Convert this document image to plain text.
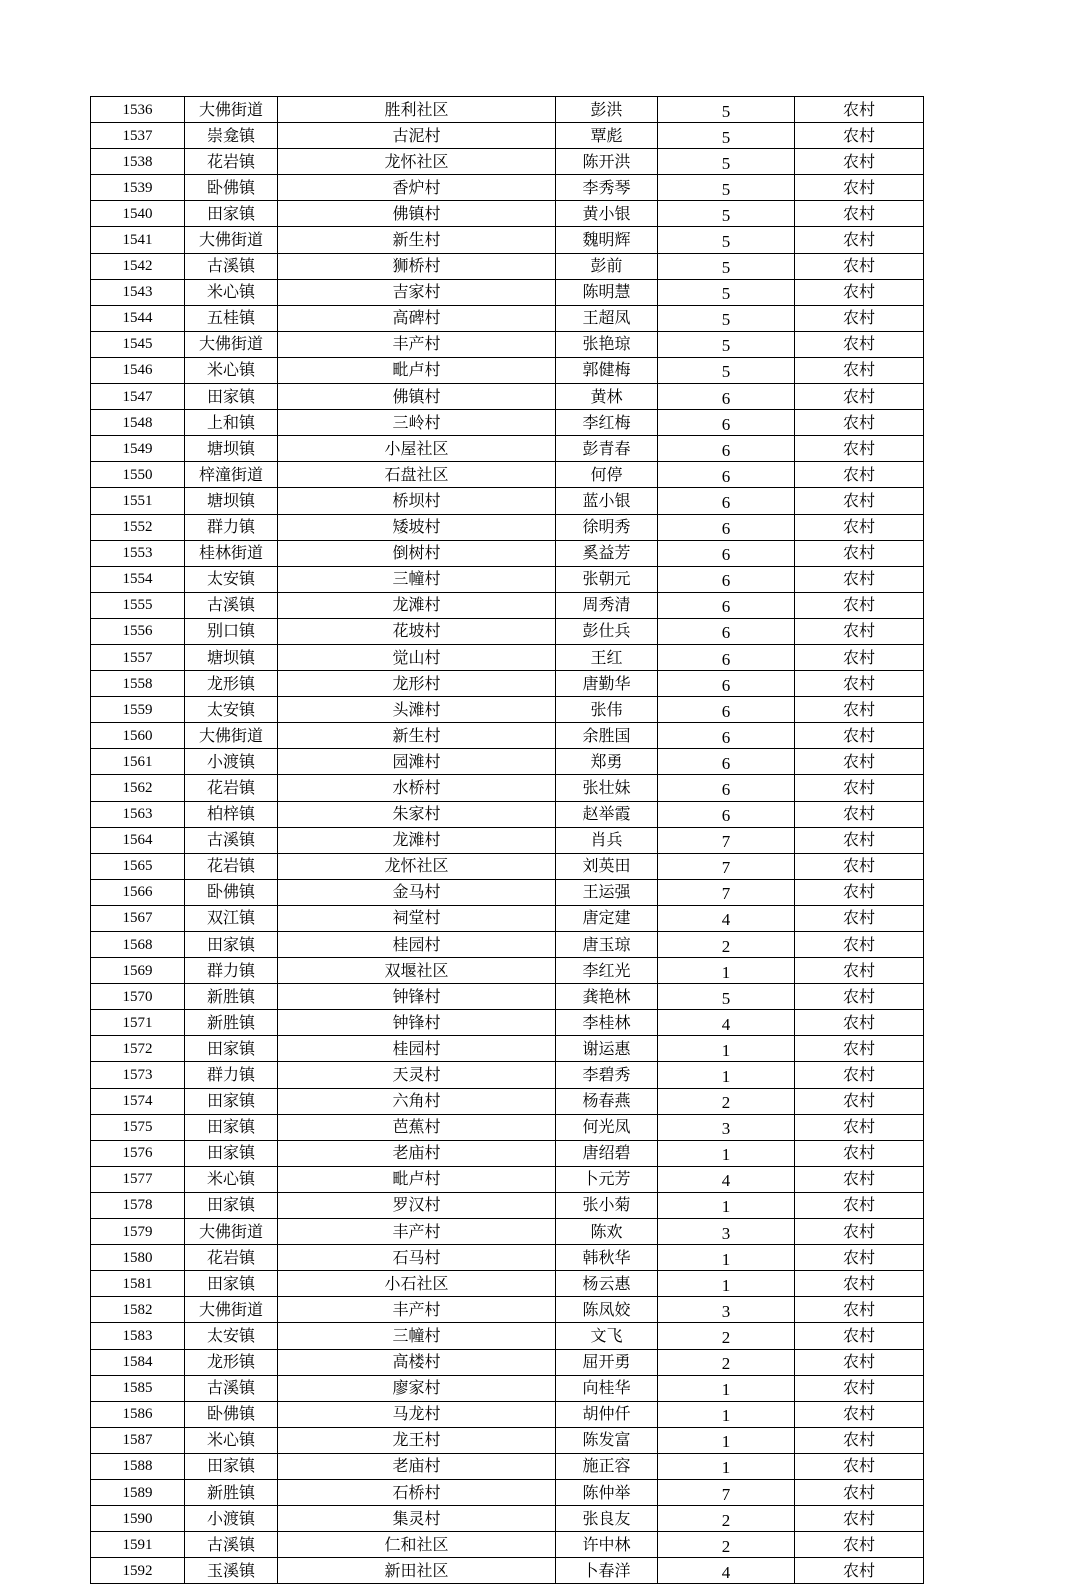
1536	大佛街道	胜利社区	彭洪	5	农村
1537	崇龛镇	古泥村	覃彪	5	农村
1538	花岩镇	龙怀社区	陈开洪	5	农村
1539	卧佛镇	香炉村	李秀琴	5	农村
1540	田家镇	佛镇村	黄小银	5	农村
1541	大佛街道	新生村	魏明辉	5	农村
1542	古溪镇	狮桥村	彭前	5	农村
1543	米心镇	吉家村	陈明慧	5	农村
1544	五桂镇	高碑村	王超凤	5	农村
1545	大佛街道	丰产村	张艳琼	5	农村
1546	米心镇	毗卢村	郭健梅	5	农村
1547	田家镇	佛镇村	黄林	6	农村
1548	上和镇	三岭村	李红梅	6	农村
1549	塘坝镇	小屋社区	彭青春	6	农村
1550	梓潼街道	石盘社区	何停	6	农村
1551	塘坝镇	桥坝村	蓝小银	6	农村
1552	群力镇	矮坡村	徐明秀	6	农村
1553	桂林街道	倒树村	奚益芳	6	农村
1554	太安镇	三幢村	张朝元	6	农村
1555	古溪镇	龙滩村	周秀清	6	农村
1556	别口镇	花坡村	彭仕兵	6	农村
1557	塘坝镇	觉山村	王红	6	农村
1558	龙形镇	龙形村	唐勤华	6	农村
1559	太安镇	头滩村	张伟	6	农村
1560	大佛街道	新生村	余胜国	6	农村
1561	小渡镇	园滩村	郑勇	6	农村
1562	花岩镇	水桥村	张壮妹	6	农村
1563	柏梓镇	朱家村	赵举霞	6	农村
1564	古溪镇	龙滩村	肖兵	7	农村
1565	花岩镇	龙怀社区	刘英田	7	农村
1566	卧佛镇	金马村	王运强	7	农村
1567	双江镇	祠堂村	唐定建	4	农村
1568	田家镇	桂园村	唐玉琼	2	农村
1569	群力镇	双堰社区	李红光	1	农村
1570	新胜镇	钟锋村	龚艳林	5	农村
1571	新胜镇	钟锋村	李桂林	4	农村
1572	田家镇	桂园村	谢运惠	1	农村
1573	群力镇	天灵村	李碧秀	1	农村
1574	田家镇	六角村	杨春燕	2	农村
1575	田家镇	芭蕉村	何光凤	3	农村
1576	田家镇	老庙村	唐绍碧	1	农村
1577	米心镇	毗卢村	卜元芳	4	农村
1578	田家镇	罗汉村	张小菊	1	农村
1579	大佛街道	丰产村	陈欢	3	农村
1580	花岩镇	石马村	韩秋华	1	农村
1581	田家镇	小石社区	杨云惠	1	农村
1582	大佛街道	丰产村	陈凤姣	3	农村
1583	太安镇	三幢村	文飞	2	农村
1584	龙形镇	高楼村	屈开勇	2	农村
1585	古溪镇	廖家村	向桂华	1	农村
1586	卧佛镇	马龙村	胡仲仟	1	农村
1587	米心镇	龙王村	陈发富	1	农村
1588	田家镇	老庙村	施正容	1	农村
1589	新胜镇	石桥村	陈仲举	7	农村
1590	小渡镇	集灵村	张良友	2	农村
1591	古溪镇	仁和社区	许中林	2	农村
1592	玉溪镇	新田社区	卜春洋	4	农村
